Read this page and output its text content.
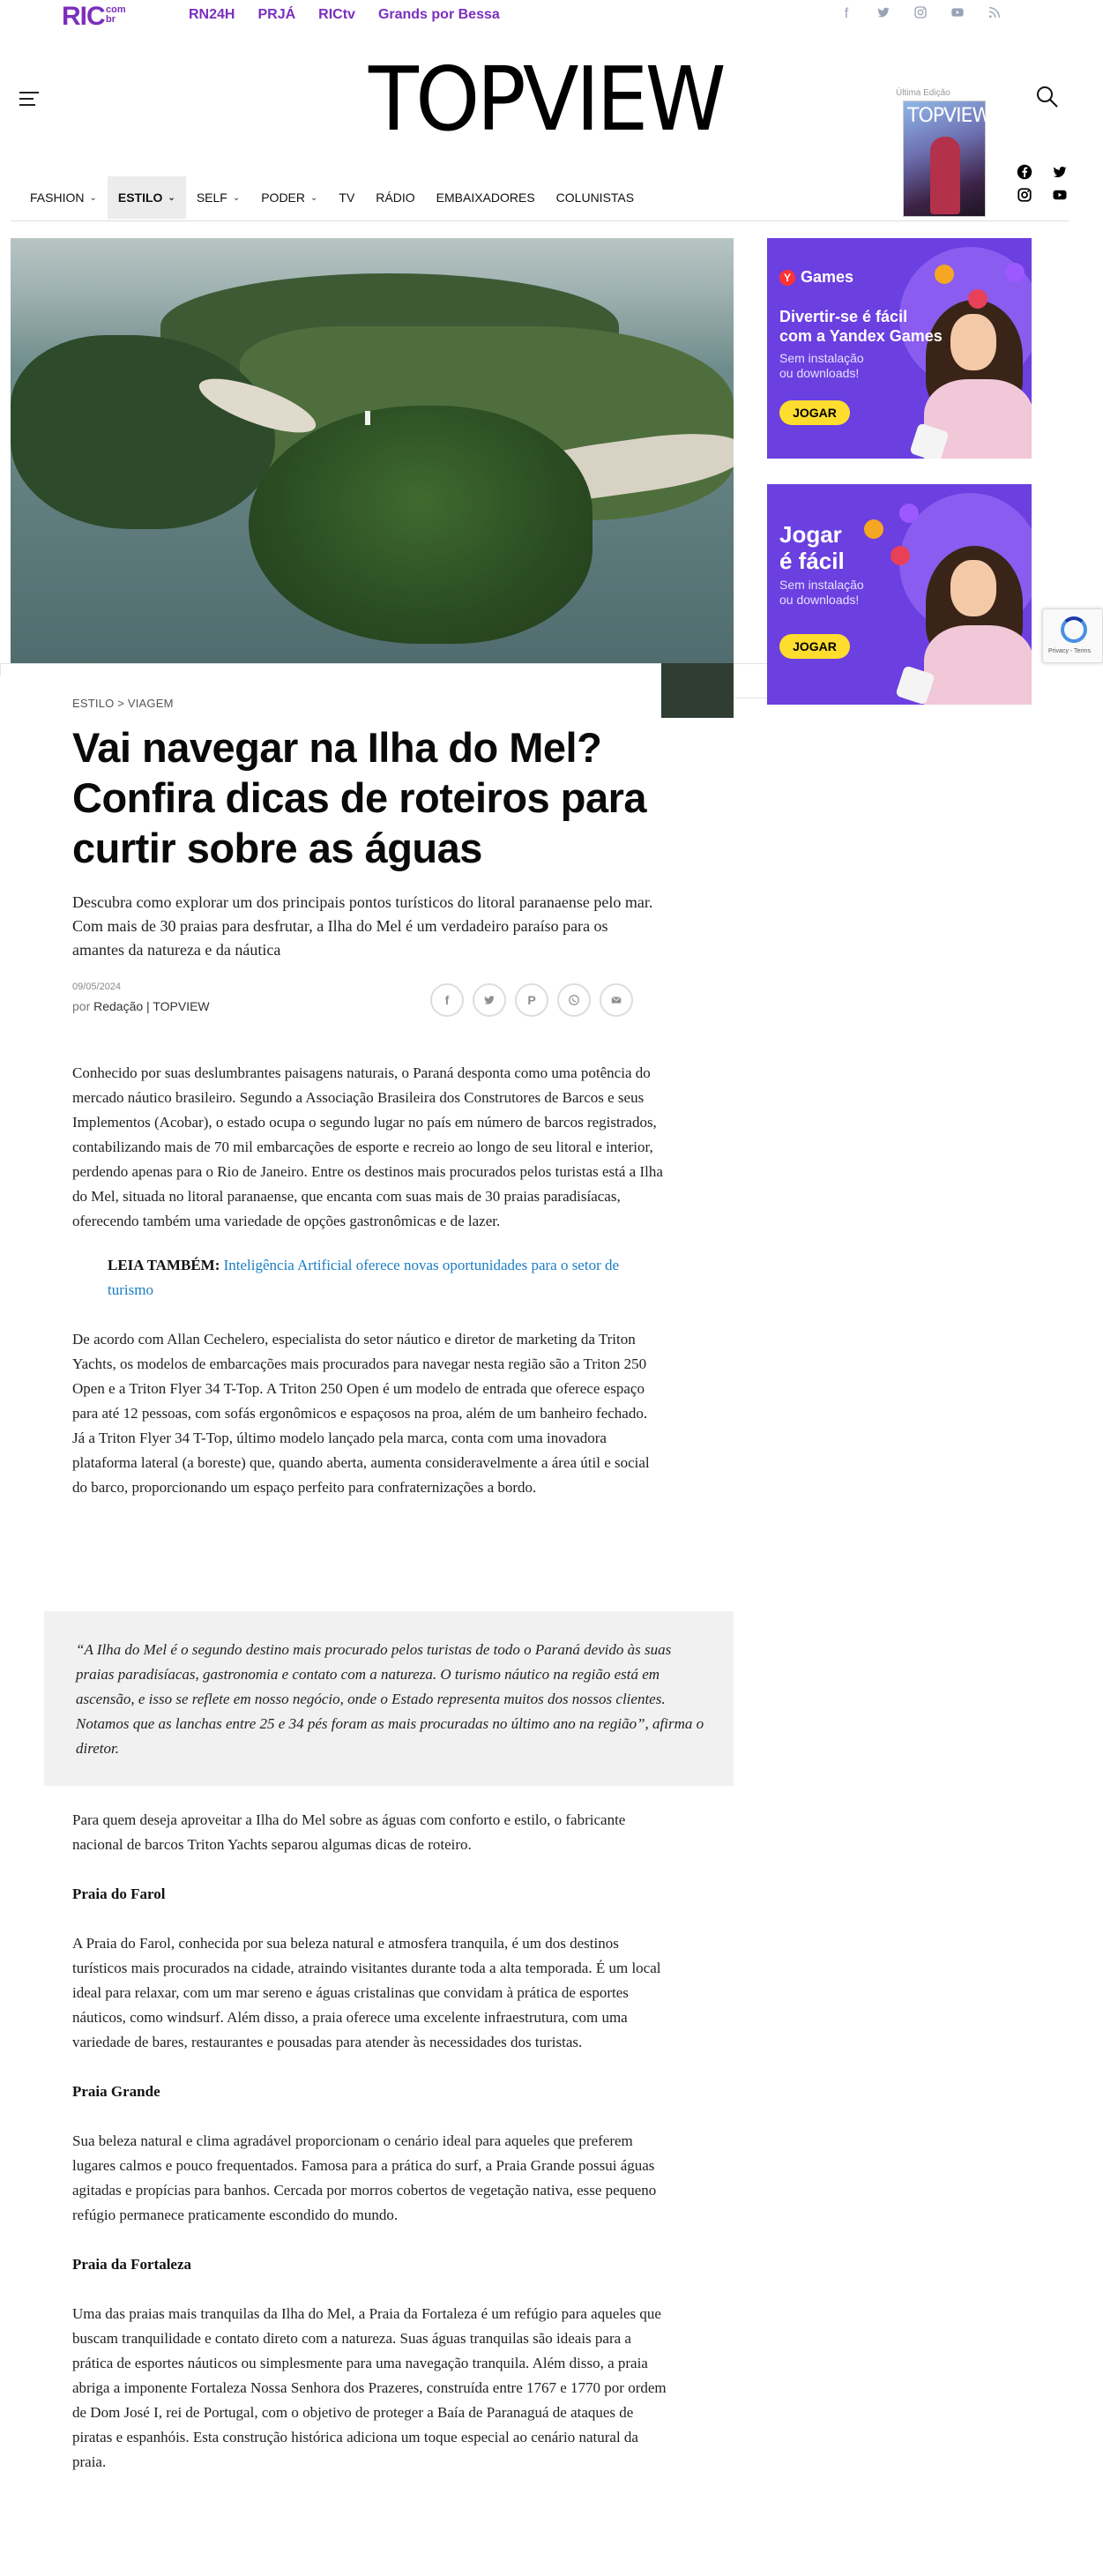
RIC com
br	RN24H PRJÁ RICtv Grands por Bessa	f
TOPVIEW	Última Edição
TOPVIEW
FASHION ⌄ ESTILO ⌄ SELF ⌄ PODER ⌄ TV RÁDIO EMBAIXADORES COLUNISTAS
Y Games
Divertir-se é fácil
com a Yandex Games
Sem instalação
ou downloads!
JOGAR
Jogar
é fácil
Sem instalação
ou downloads!
JOGAR	Privacy - Terms
ESTILO > VIAGEM
Vai navegar na Ilha do Mel? Confira dicas de roteiros para curtir sobre as águas

Descubra como explorar um dos principais pontos turísticos do litoral paranaense pelo mar. Com mais de 30 praias para desfrutar, a Ilha do Mel é um verdadeiro paraíso para os amantes da natureza e da náutica

09/05/2024
por Redação | TOPVIEW	f	P

Conhecido por suas deslumbrantes paisagens naturais, o Paraná desponta como uma potência do mercado náutico brasileiro. Segundo a Associação Brasileira dos Construtores de Barcos e seus Implementos (Acobar), o estado ocupa o segundo lugar no país em número de barcos registrados, contabilizando mais de 70 mil embarcações de esporte e recreio ao longo de seu litoral e interior, perdendo apenas para o Rio de Janeiro. Entre os destinos mais procurados pelos turistas está a Ilha do Mel, situada no litoral paranaense, que encanta com suas mais de 30 praias paradisíacas, oferecendo também uma variedade de opções gastronômicas e de lazer.

LEIA TAMBÉM: Inteligência Artificial oferece novas oportunidades para o setor de turismo

De acordo com Allan Cechelero, especialista do setor náutico e diretor de marketing da Triton Yachts, os modelos de embarcações mais procurados para navegar nesta região são a Triton 250 Open e a Triton Flyer 34 T-Top. A Triton 250 Open é um modelo de entrada que oferece espaço para até 12 pessoas, com sofás ergonômicos e espaçosos na proa, além de um banheiro fechado. Já a Triton Flyer 34 T-Top, último modelo lançado pela marca, conta com uma inovadora plataforma lateral (a boreste) que, quando aberta, aumenta consideravelmente a área útil e social do barco, proporcionando um espaço perfeito para confraternizações a bordo.

“A Ilha do Mel é o segundo destino mais procurado pelos turistas de todo o Paraná devido às suas praias paradisíacas, gastronomia e contato com a natureza. O turismo náutico na região está em ascensão, e isso se reflete em nosso negócio, onde o Estado representa muitos dos nossos clientes. Notamos que as lanchas entre 25 e 34 pés foram as mais procuradas no último ano na região”, afirma o diretor.

Para quem deseja aproveitar a Ilha do Mel sobre as águas com conforto e estilo, o fabricante nacional de barcos Triton Yachts separou algumas dicas de roteiro.

Praia do Farol

A Praia do Farol, conhecida por sua beleza natural e atmosfera tranquila, é um dos destinos turísticos mais procurados na cidade, atraindo visitantes durante toda a alta temporada. É um local ideal para relaxar, com um mar sereno e águas cristalinas que convidam à prática de esportes náuticos, como windsurf. Além disso, a praia oferece uma excelente infraestrutura, com uma variedade de bares, restaurantes e pousadas para atender às necessidades dos turistas.

Praia Grande

Sua beleza natural e clima agradável proporcionam o cenário ideal para aqueles que preferem lugares calmos e pouco frequentados. Famosa para a prática do surf, a Praia Grande possui águas agitadas e propícias para banhos. Cercada por morros cobertos de vegetação nativa, esse pequeno refúgio permanece praticamente escondido do mundo.

Praia da Fortaleza

Uma das praias mais tranquilas da Ilha do Mel, a Praia da Fortaleza é um refúgio para aqueles que buscam tranquilidade e contato direto com a natureza. Suas águas tranquilas são ideais para a prática de esportes náuticos ou simplesmente para uma navegação tranquila. Além disso, a praia abriga a imponente Fortaleza Nossa Senhora dos Prazeres, construída entre 1767 e 1770 por ordem de Dom José I, rei de Portugal, com o objetivo de proteger a Baía de Paranaguá de ataques de piratas e espanhóis. Esta construção histórica adiciona um toque especial ao cenário natural da praia.
